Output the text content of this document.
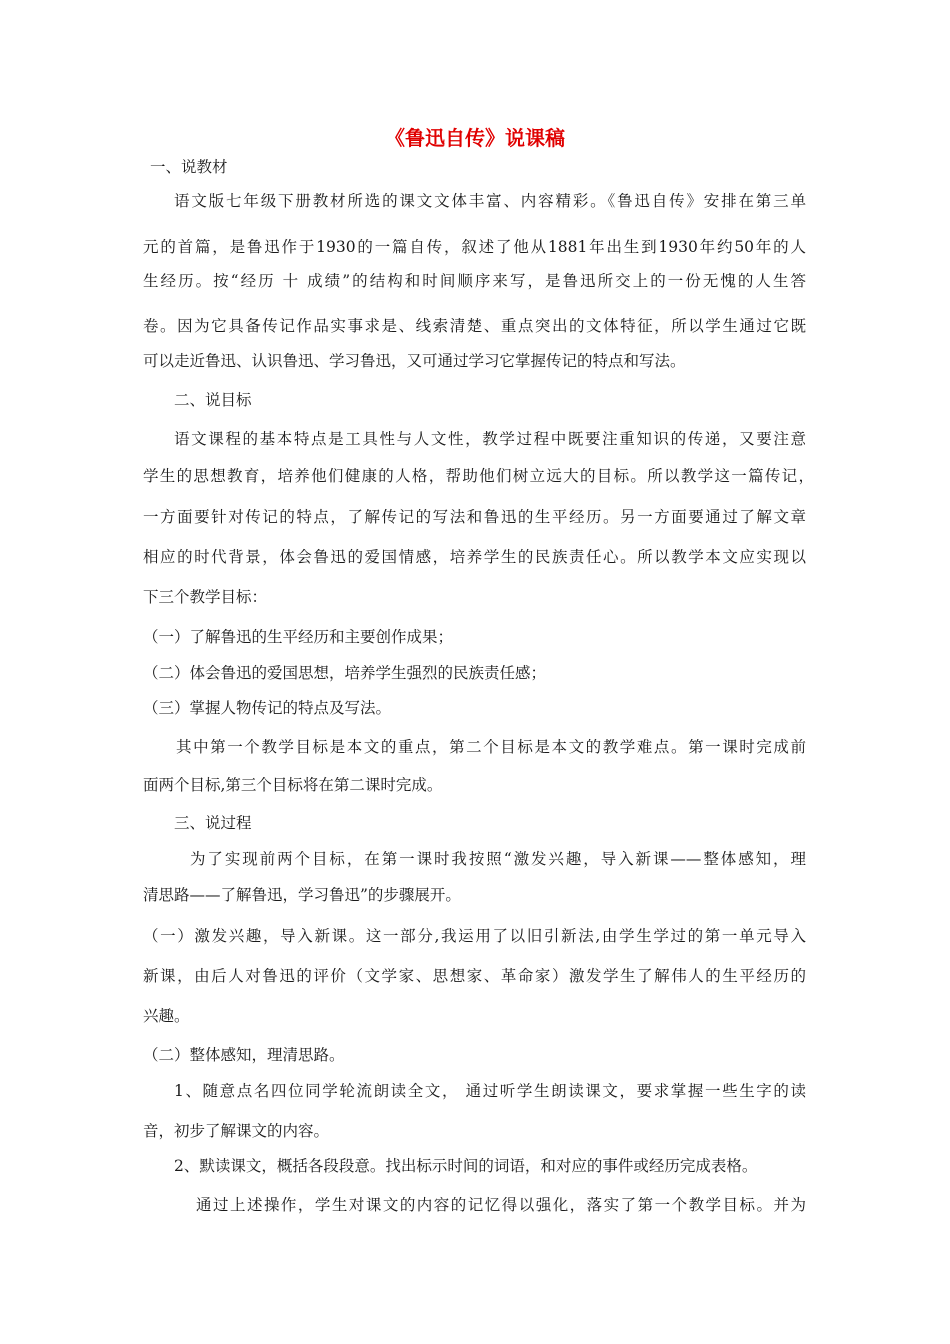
《鲁迅自传》说课稿
一、说教材
语文版七年级下册教材所选的课文文体丰富、内容精彩。《鲁迅自传》安排在第三单
元的首篇，是鲁迅作于1930的一篇自传，叙述了他从1881年出生到1930年约50年的人
生经历。按“经历 十 成绩”的结构和时间顺序来写，是鲁迅所交上的一份无愧的人生答
卷。因为它具备传记作品实事求是、线索清楚、重点突出的文体特征，所以学生通过它既
可以走近鲁迅、认识鲁迅、学习鲁迅，又可通过学习它掌握传记的特点和写法。
二、说目标
语文课程的基本特点是工具性与人文性，教学过程中既要注重知识的传递，又要注意
学生的思想教育，培养他们健康的人格，帮助他们树立远大的目标。所以教学这一篇传记，
一方面要针对传记的特点，了解传记的写法和鲁迅的生平经历。另一方面要通过了解文章
相应的时代背景，体会鲁迅的爱国情感，培养学生的民族责任心。所以教学本文应实现以
下三个教学目标：
（一）了解鲁迅的生平经历和主要创作成果；
（二）体会鲁迅的爱国思想，培养学生强烈的民族责任感；
（三）掌握人物传记的特点及写法。
其中第一个教学目标是本文的重点，第二个目标是本文的教学难点。第一课时完成前
面两个目标,第三个目标将在第二课时完成。
三、说过程
为了实现前两个目标，在第一课时我按照“激发兴趣，导入新课——整体感知，理
清思路——了解鲁迅，学习鲁迅”的步骤展开。
（一）激发兴趣，导入新课。这一部分,我运用了以旧引新法,由学生学过的第一单元导入
新课，由后人对鲁迅的评价（文学家、思想家、革命家）激发学生了解伟人的生平经历的
兴趣。
（二）整体感知，理清思路。
1、随意点名四位同学轮流朗读全文， 通过听学生朗读课文，要求掌握一些生字的读
音，初步了解课文的内容。
2、默读课文，概括各段段意。找出标示时间的词语，和对应的事件或经历完成表格。
通过上述操作，学生对课文的内容的记忆得以强化，落实了第一个教学目标。并为
